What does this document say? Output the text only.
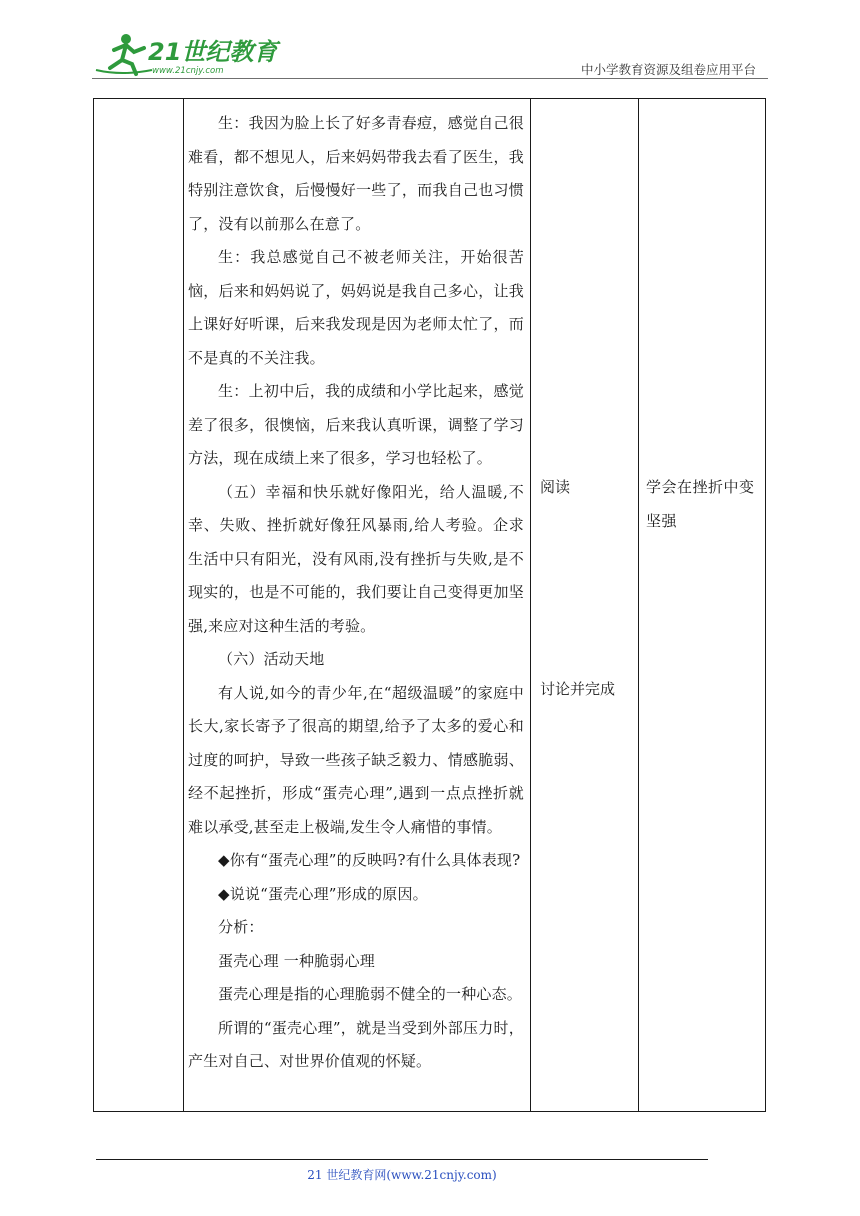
21世纪教育
www.21cnjy.com	中小学教育资源及组卷应用平台

生：我因为脸上长了好多青春痘，感觉自己很难看，都不想见人，后来妈妈带我去看了医生，我特别注意饮食，后慢慢好一些了，而我自己也习惯了，没有以前那么在意了。

生：我总感觉自己不被老师关注，开始很苦恼，后来和妈妈说了，妈妈说是我自己多心，让我上课好好听课，后来我发现是因为老师太忙了，而不是真的不关注我。

生：上初中后，我的成绩和小学比起来，感觉差了很多，很懊恼，后来我认真听课，调整了学习方法，现在成绩上来了很多，学习也轻松了。

（五）幸福和快乐就好像阳光，给人温暖,不幸、失败、挫折就好像狂风暴雨,给人考验。企求生活中只有阳光，没有风雨,没有挫折与失败,是不现实的，也是不可能的，我们要让自己变得更加坚强,来应对这种生活的考验。

（六）活动天地

有人说,如今的青少年,在“超级温暖”的家庭中长大,家长寄予了很高的期望,给予了太多的爱心和过度的呵护，导致一些孩子缺乏毅力、情感脆弱、经不起挫折，形成“蛋壳心理”,遇到一点点挫折就难以承受,甚至走上极端,发生令人痛惜的事情。

◆你有“蛋壳心理”的反映吗?有什么具体表现?

◆说说“蛋壳心理”形成的原因。

分析：

蛋壳心理 一种脆弱心理

蛋壳心理是指的心理脆弱不健全的一种心态。

所谓的“蛋壳心理”，就是当受到外部压力时，产生对自己、对世界价值观的怀疑。

阅读
讨论并完成
学会在挫折中变坚强
21 世纪教育网(www.21cnjy.com)
